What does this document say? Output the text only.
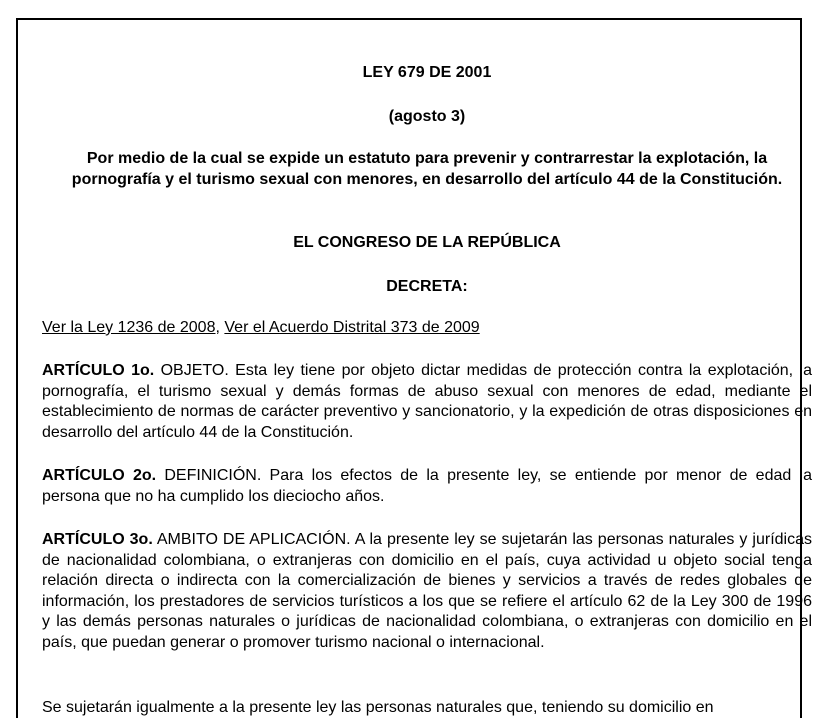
LEY 679 DE 2001

(agosto 3)

Por medio de la cual se expide un estatuto para prevenir y contrarrestar la explotación, la pornografía y el turismo sexual con menores, en desarrollo del artículo 44 de la Constitución.

EL CONGRESO DE LA REPÚBLICA

DECRETA:

Ver la Ley 1236 de 2008, Ver el Acuerdo Distrital 373 de 2009

ARTÍCULO 1o. OBJETO. Esta ley tiene por objeto dictar medidas de protección contra la explotación, la pornografía, el turismo sexual y demás formas de abuso sexual con menores de edad, mediante el establecimiento de normas de carácter preventivo y sancionatorio, y la expedición de otras disposiciones en desarrollo del artículo 44 de la Constitución.

ARTÍCULO 2o. DEFINICIÓN. Para los efectos de la presente ley, se entiende por menor de edad la persona que no ha cumplido los dieciocho años.

ARTÍCULO 3o. AMBITO DE APLICACIÓN. A la presente ley se sujetarán las personas naturales y jurídicas de nacionalidad colombiana, o extranjeras con domicilio en el país, cuya actividad u objeto social tenga relación directa o indirecta con la comercialización de bienes y servicios a través de redes globales de información, los prestadores de servicios turísticos a los que se refiere el artículo 62 de la Ley 300 de 1996 y las demás personas naturales o jurídicas de nacionalidad colombiana, o extranjeras con domicilio en el país, que puedan generar o promover turismo nacional o internacional.

Se sujetarán igualmente a la presente ley las personas naturales que, teniendo su domicilio en
